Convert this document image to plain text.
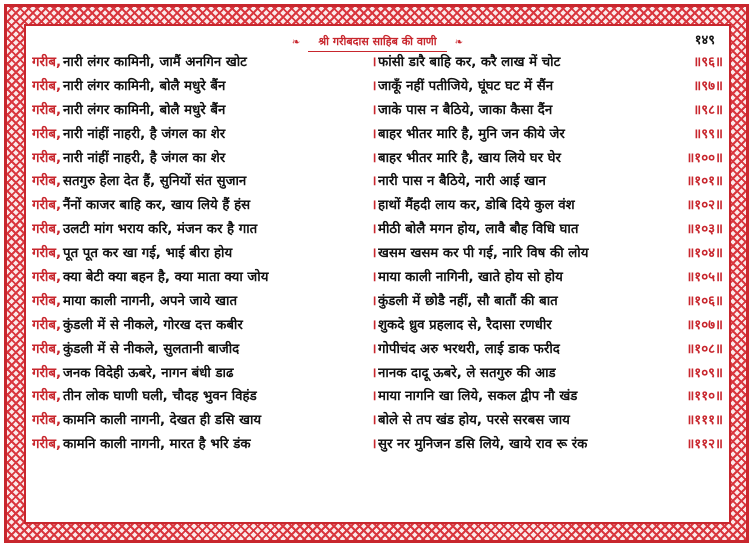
❧ श्री गरीबदास साहिब की वाणी ❧	१४९
गरीब, नारी लंगर कामिनी, जामैं अनगिन खोट	। फांसी डारै बाहि कर, करै लाख में चोट	॥९६॥
गरीब, नारी लंगर कामिनी, बोलै मधुरे बैंन	। जाकूँ नहीं पतीजिये, घूंघट घट में सैंन	॥९७॥
गरीब, नारी लंगर कामिनी, बोलै मधुरे बैंन	। जाके पास न बैठिये, जाका कैसा दैंन	॥९८॥
गरीब, नारी नांहीं नाहरी, है जंगल का शेर	। बाहर भीतर मारि है, मुनि जन कीये जेर	॥९९॥
गरीब, नारी नांहीं नाहरी, है जंगल का शेर	। बाहर भीतर मारि है, खाय लिये घर घेर	॥१००॥
गरीब, सतगुरु हेला देत हैं, सुनियों संत सुजान	। नारी पास न बैठिये, नारी आई खान	॥१०१॥
गरीब, नैंनों काजर बाहि कर, खाय लिये हैं हंस	। हाथों मैंहदी लाय कर, डोबि दिये कुल वंश	॥१०२॥
गरीब, उलटी मांग भराय करि, मंजन कर है गात	। मीठी बोलै मगन होय, लावै बौह विधि घात	॥१०३॥
गरीब, पूत पूत कर खा गई, भाई बीरा होय	। खसम खसम कर पी गई, नारि विष की लोय	॥१०४॥
गरीब, क्या बेटी क्या बहन है, क्या माता क्या जोय	। माया काली नागिनी, खाते होय सो होय	॥१०५॥
गरीब, माया काली नागनी, अपने जाये खात	। कुंडली में छोडै नहीं, सौ बातौं की बात	॥१०६॥
गरीब, कुंडली में से नीकले, गोरख दत्त कबीर	। शुकदे ध्रुव प्रहलाद से, रैदासा रणधीर	॥१०७॥
गरीब, कुंडली में से नीकले, सुलतानी बाजीद	। गोपीचंद अरु भरथरी, लाई डाक फरीद	॥१०८॥
गरीब, जनक विदेही ऊबरे, नागन बंधी डाढ	। नानक दादू ऊबरे, ले सतगुरु की आड	॥१०९॥
गरीब, तीन लोक घाणी घली, चौदह भुवन विहंड	। माया नागनि खा लिये, सकल द्वीप नौ खंड	॥११०॥
गरीब, कामनि काली नागनी, देखत ही डसि खाय	। बोले से तप खंड होय, परसे सरबस जाय	॥१११॥
गरीब, कामनि काली नागनी, मारत है भरि डंक	। सुर नर मुनिजन डसि लिये, खाये राव रू रंक	॥११२॥
